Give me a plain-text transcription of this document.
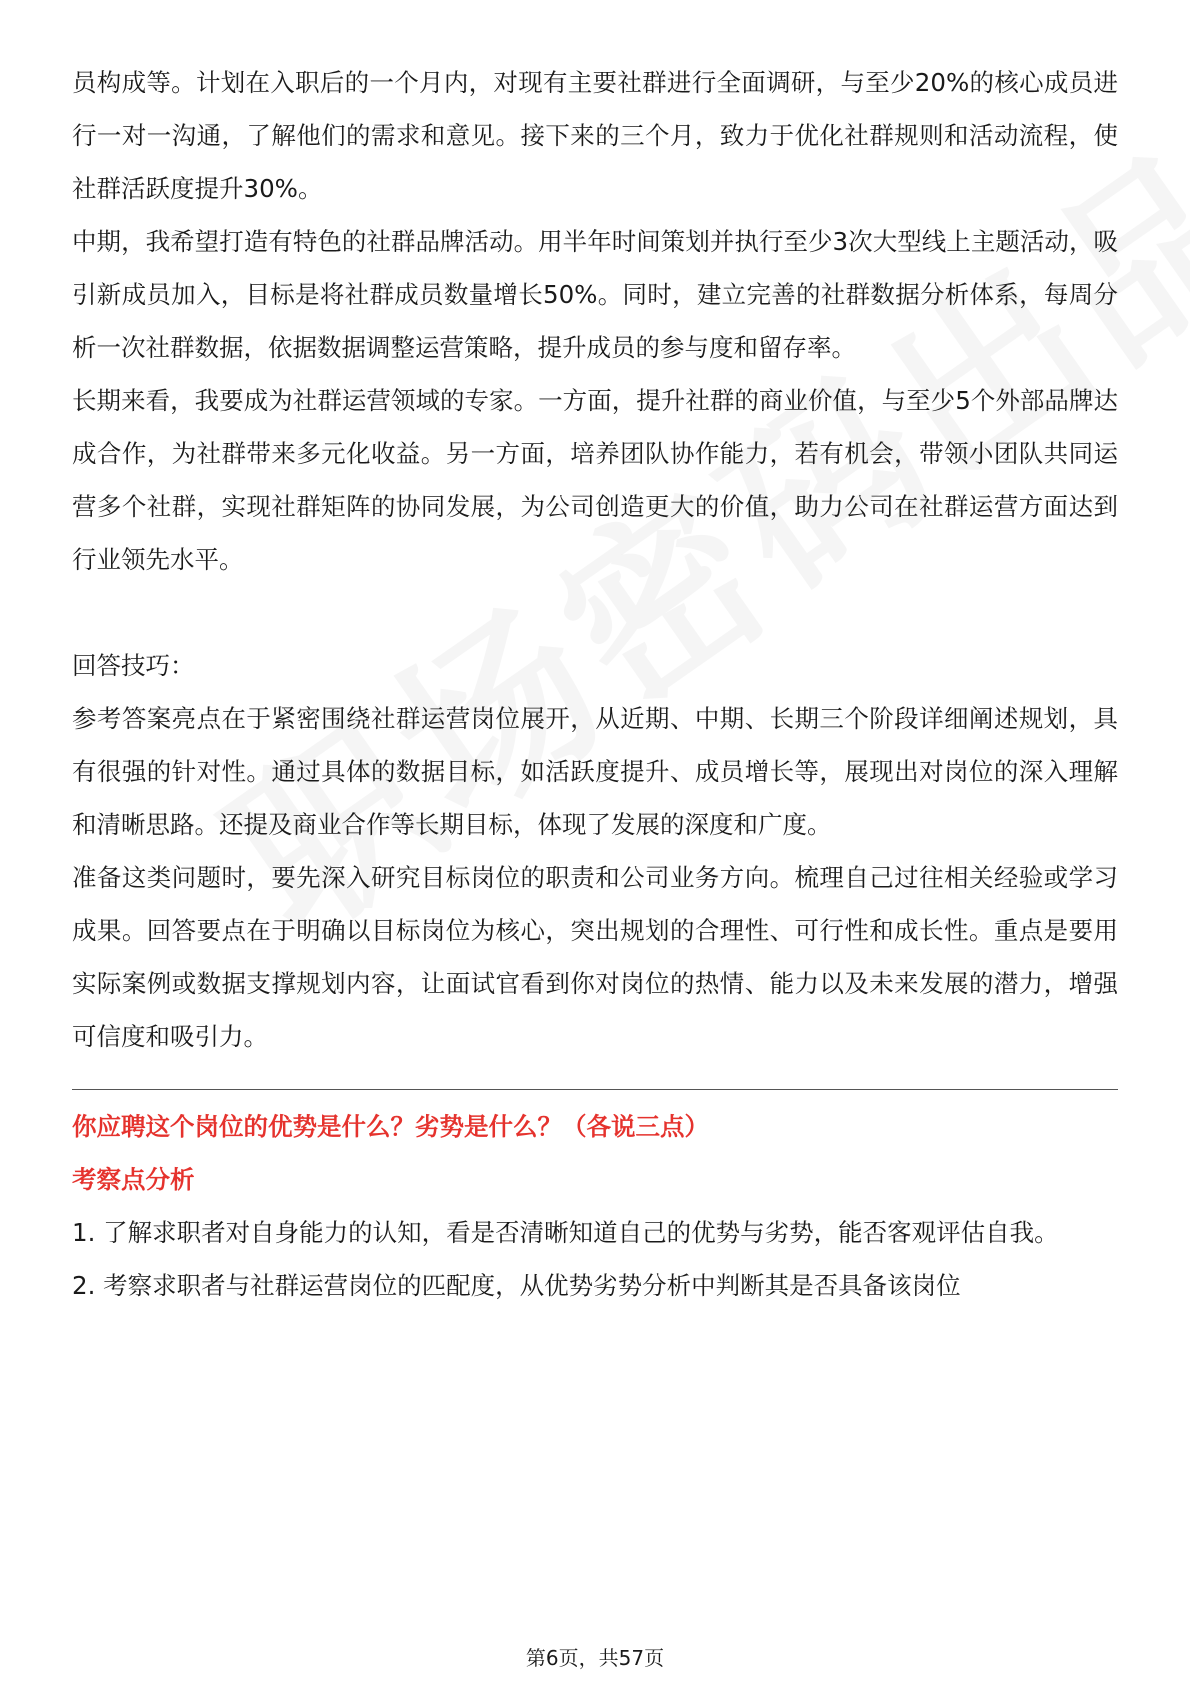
员构成等。计划在入职后的一个月内，对现有主要社群进行全面调研，与至少20%的核心成员进行一对一沟通，了解他们的需求和意见。接下来的三个月，致力于优化社群规则和活动流程，使社群活跃度提升30%。

中期，我希望打造有特色的社群品牌活动。用半年时间策划并执行至少3次大型线上主题活动，吸引新成员加入，目标是将社群成员数量增长50%。同时，建立完善的社群数据分析体系，每周分析一次社群数据，依据数据调整运营策略，提升成员的参与度和留存率。

长期来看，我要成为社群运营领域的专家。一方面，提升社群的商业价值，与至少5个外部品牌达成合作，为社群带来多元化收益。另一方面，培养团队协作能力，若有机会，带领小团队共同运营多个社群，实现社群矩阵的协同发展，为公司创造更大的价值，助力公司在社群运营方面达到行业领先水平。

回答技巧：

参考答案亮点在于紧密围绕社群运营岗位展开，从近期、中期、长期三个阶段详细阐述规划，具有很强的针对性。通过具体的数据目标，如活跃度提升、成员增长等，展现出对岗位的深入理解和清晰思路。还提及商业合作等长期目标，体现了发展的深度和广度。

准备这类问题时，要先深入研究目标岗位的职责和公司业务方向。梳理自己过往相关经验或学习成果。回答要点在于明确以目标岗位为核心，突出规划的合理性、可行性和成长性。重点是要用实际案例或数据支撑规划内容，让面试官看到你对岗位的热情、能力以及未来发展的潜力，增强可信度和吸引力。

你应聘这个岗位的优势是什么？劣势是什么？（各说三点）

考察点分析

1. 了解求职者对自身能力的认知，看是否清晰知道自己的优势与劣势，能否客观评估自我。

2. 考察求职者与社群运营岗位的匹配度，从优势劣势分析中判断其是否具备该岗位

第6页，共57页
